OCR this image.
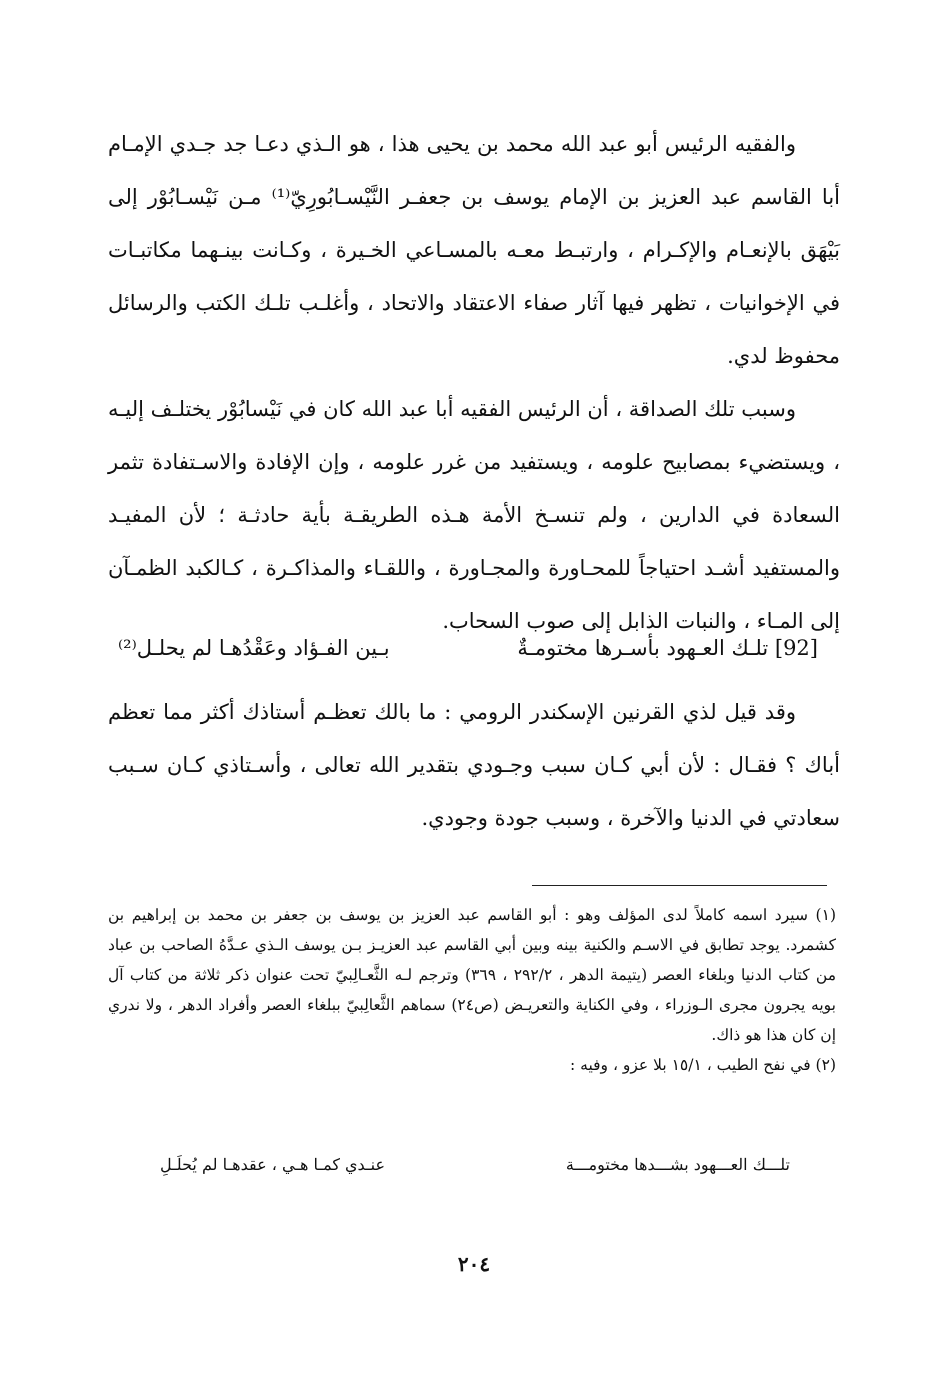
والفقيه الرئيس أبو عبد الله محمد بن يحيى هذا ، هو الـذي دعـا جد جـدي الإمـام أبا القاسم عبد العزيز بن الإمام يوسف بن جعفـر النَّيْسـابُورِيّ⁽¹⁾ مـن نَيْسـابُوْر إلى بَيْهَق بالإنعـام والإكـرام ، وارتبـط معـه بالمسـاعي الخـيرة ، وكـانت بينـهما مكاتبـات في الإخوانيات ، تظهر فيها آثار صفاء الاعتقاد والاتحاد ، وأغلـب تلـك الكتب والرسائل محفوظ لدي.

وسبب تلك الصداقة ، أن الرئيس الفقيه أبا عبد الله كان في نَيْسابُوْر يختلـف إليـه ، ويستضيء بمصابيح علومه ، ويستفيد من غرر علومه ، وإن الإفادة والاسـتفادة تثمر السعادة في الدارين ، ولم تنسـخ الأمة هـذه الطريقـة بأية حادثـة ؛ لأن المفيـد والمستفيد أشـد احتياجاً للمحـاورة والمجـاورة ، واللقـاء والمذاكـرة ، كـالكبد الظمـآن إلى المـاء ، والنبات الذابل إلى صوب السحاب.

[92] تلـك العـهود بأسـرها مختومـةٌ
بـين الفـؤاد وعَقْدُهـا لم يحلـل⁽²⁾

وقد قيل لذي القرنين الإسكندر الرومي : ما بالك تعظـم أستاذك أكثر مما تعظم أباك ؟ فقـال : لأن أبي كـان سبب وجـودي بتقدير الله تعالى ، وأسـتاذي كـان سـبب سعادتي في الدنيا والآخرة ، وسبب جودة وجودي.

(١) سيرد اسمه كاملاً لدى المؤلف وهو : أبو القاسم عبد العزيز بن يوسف بن جعفر بن محمد بن إبراهيم بن كشمرد. يوجد تطابق في الاسـم والكنية بينه وبين أبي القاسم عبد العزيـز بـن يوسف الـذي عـدَّهُ الصاحب بن عباد من كتاب الدنيا وبلغاء العصر (يتيمة الدهر ، ٢٩٢/٢ ، ٣٦٩) وترجم لـه الثَّعـالِبيّ تحت عنوان ذكر ثلاثة من كتاب آل بويه يجرون مجرى الـوزراء ، وفي الكناية والتعريـض (ص٢٤) سماهم الثَّعالِبيّ ببلغاء العصر وأفراد الدهر ، ولا ندري إن كان هذا هو ذاك.

(٢) في نفح الطيب ، ١٥/١ بلا عزو ، وفيه :

تلـــك العـــهود بشـــدها مختومـــة
عنـدي كمـا هـي ، عقدهـا لم يُحلَـلِ
٢٠٤
